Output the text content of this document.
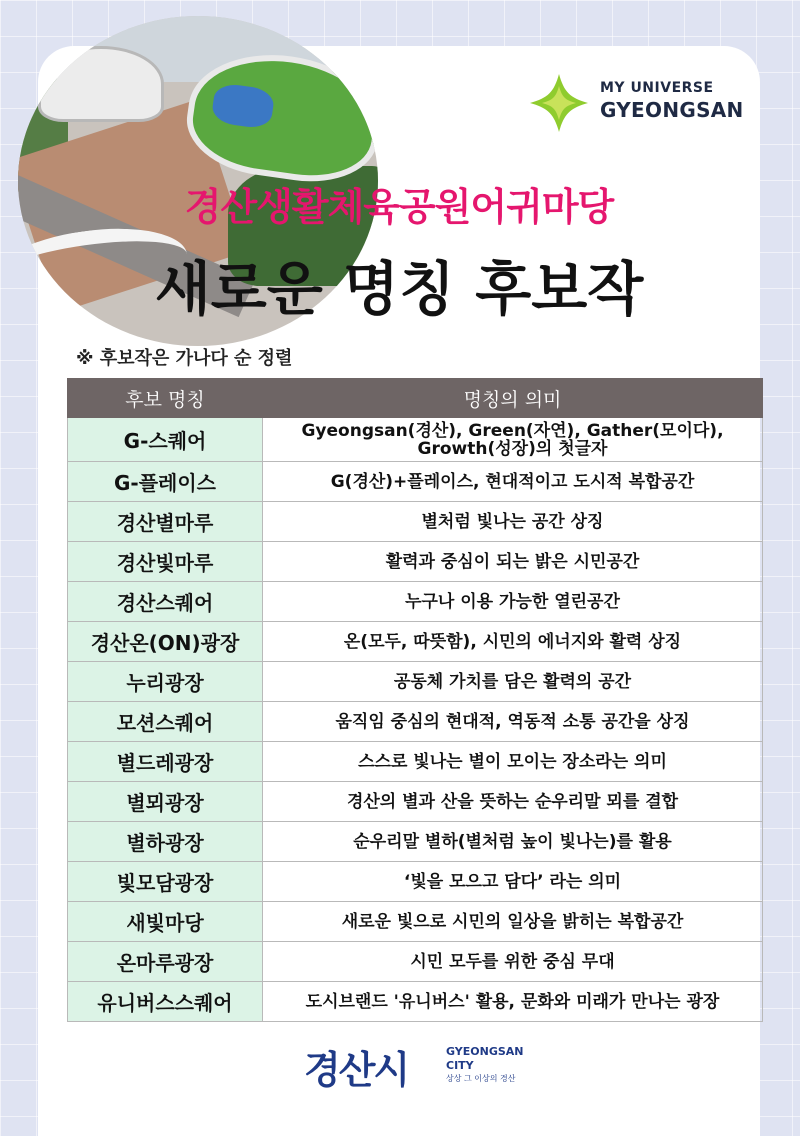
MY UNIVERSE
GYEONGSAN
경산생활체육공원어귀마당
새로운 명칭 후보작
※ 후보작은 가나다 순 정렬
후보 명칭	명칭의 의미
G-스퀘어	Gyeongsan(경산), Green(자연), Gather(모이다), Growth(성장)의 첫글자
G-플레이스	G(경산)+플레이스, 현대적이고 도시적 복합공간
경산별마루	별처럼 빛나는 공간 상징
경산빛마루	활력과 중심이 되는 밝은 시민공간
경산스퀘어	누구나 이용 가능한 열린공간
경산온(ON)광장	온(모두, 따뜻함), 시민의 에너지와 활력 상징
누리광장	공동체 가치를 담은 활력의 공간
모션스퀘어	움직임 중심의 현대적, 역동적 소통 공간을 상징
별드레광장	스스로 빛나는 별이 모이는 장소라는 의미
별뫼광장	경산의 별과 산을 뜻하는 순우리말 뫼를 결합
별하광장	순우리말 별하(별처럼 높이 빛나는)를 활용
빛모담광장	‘빛을 모으고 담다’ 라는 의미
새빛마당	새로운 빛으로 시민의 일상을 밝히는 복합공간
온마루광장	시민 모두를 위한 중심 무대
유니버스스퀘어	도시브랜드 '유니버스' 활용, 문화와 미래가 만나는 광장
경산시	GYEONGSAN
CITY
상상 그 이상의 경산
